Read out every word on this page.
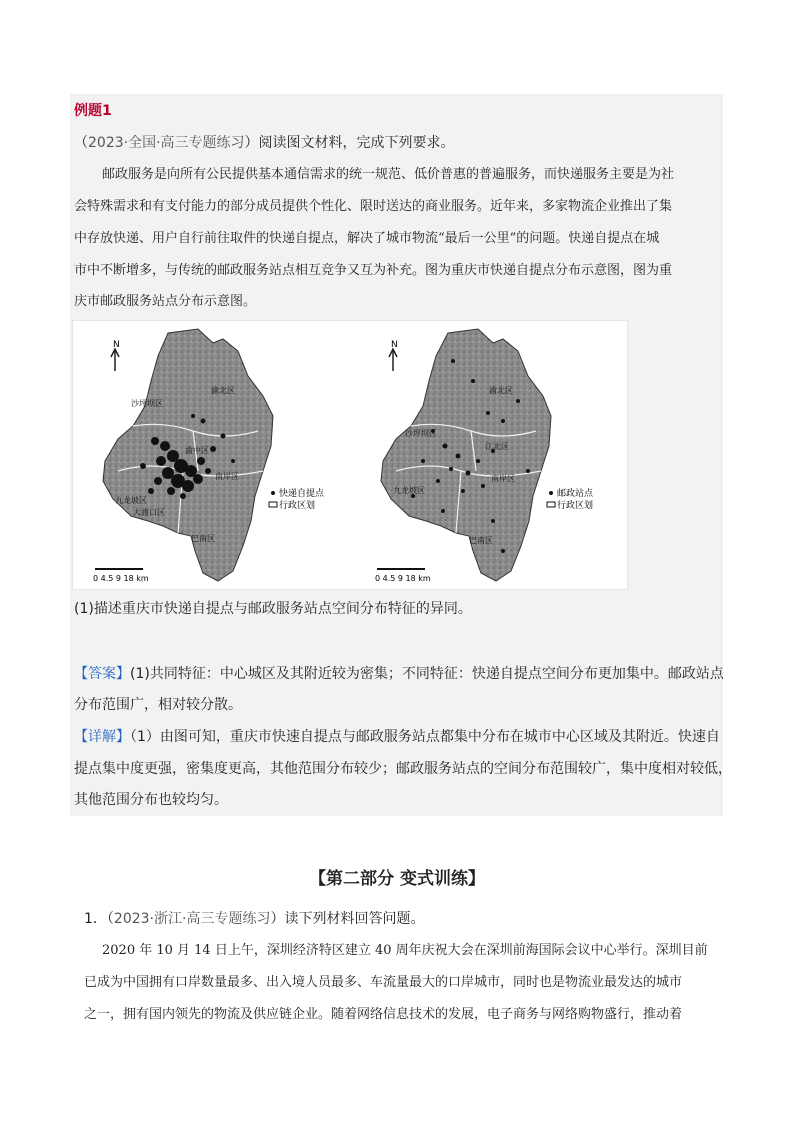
例题1
（2023·全国·高三专题练习）阅读图文材料，完成下列要求。
邮政服务是向所有公民提供基本通信需求的统一规范、低价普惠的普遍服务，而快递服务主要是为社
会特殊需求和有支付能力的部分成员提供个性化、限时送达的商业服务。近年来，多家物流企业推出了集
中存放快递、用户自行前往取件的快递自提点，解决了城市物流“最后一公里”的问题。快递自提点在城
市中不断增多，与传统的邮政服务站点相互竞争又互为补充。图为重庆市快递自提点分布示意图，图为重
庆市邮政服务站点分布示意图。
N
渝北区
沙坪坝区
渝中区
九龙坡区
大渡口区
南岸区
巴南区
快递自提点
行政区划
0 4.5 9 18 km
N
渝北区
沙坪坝区
江北区
九龙坡区
南岸区
巴南区
邮政站点
行政区划
0 4.5 9 18 km
(1)描述重庆市快递自提点与邮政服务站点空间分布特征的异同。
【答案】(1)共同特征：中心城区及其附近较为密集；不同特征：快递自提点空间分布更加集中。邮政站点
分布范围广，相对较分散。
【详解】（1）由图可知，重庆市快速自提点与邮政服务站点都集中分布在城市中心区域及其附近。快速自
提点集中度更强，密集度更高，其他范围分布较少；邮政服务站点的空间分布范围较广，集中度相对较低，
其他范围分布也较均匀。
【第二部分 变式训练】
1．（2023·浙江·高三专题练习）读下列材料回答问题。
2020 年 10 月 14 日上午，深圳经济特区建立 40 周年庆祝大会在深圳前海国际会议中心举行。深圳目前
已成为中国拥有口岸数量最多、出入境人员最多、车流量最大的口岸城市，同时也是物流业最发达的城市
之一，拥有国内领先的物流及供应链企业。随着网络信息技术的发展，电子商务与网络购物盛行，推动着
